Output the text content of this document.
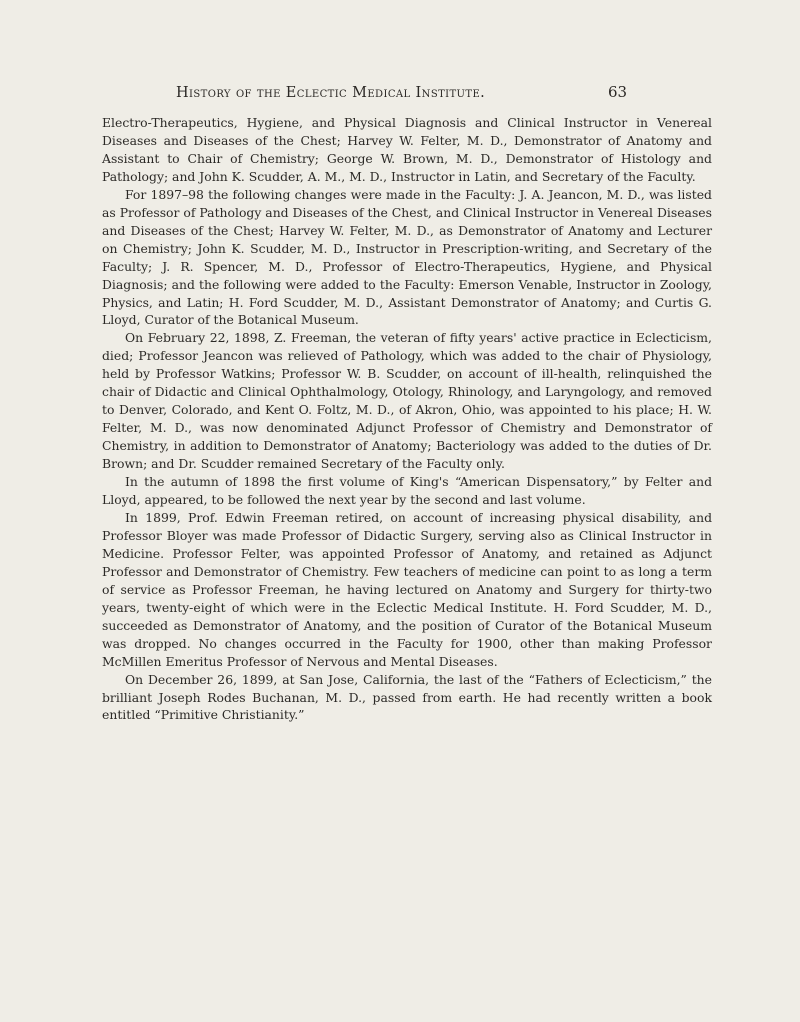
History of the Eclectic Medical Institute.	63

Electro-Therapeutics, Hygiene, and Physical Diagnosis and Clinical Instructor in Venereal Diseases and Diseases of the Chest; Harvey W. Felter, M. D., Demonstrator of Anatomy and Assistant to Chair of Chemistry; George W. Brown, M. D., Demonstrator of Histology and Pathology; and John K. Scudder, A. M., M. D., Instructor in Latin, and Secretary of the Faculty.

For 1897–98 the following changes were made in the Faculty: J. A. Jeancon, M. D., was listed as Professor of Pathology and Diseases of the Chest, and Clinical Instructor in Venereal Diseases and Diseases of the Chest; Harvey W. Felter, M. D., as Demonstrator of Anatomy and Lecturer on Chemistry; John K. Scudder, M. D., Instructor in Prescription-writing, and Secretary of the Faculty; J. R. Spencer, M. D., Professor of Electro-Therapeutics, Hygiene, and Physical Diagnosis; and the following were added to the Faculty: Emerson Venable, Instructor in Zoology, Physics, and Latin; H. Ford Scudder, M. D., Assistant Demonstrator of Anatomy; and Curtis G. Lloyd, Curator of the Botanical Museum.

On February 22, 1898, Z. Freeman, the veteran of fifty years' active practice in Eclecticism, died; Professor Jeancon was relieved of Pathology, which was added to the chair of Physiology, held by Professor Watkins; Professor W. B. Scudder, on account of ill-health, relinquished the chair of Didactic and Clinical Ophthalmology, Otology, Rhinology, and Laryngology, and removed to Denver, Colorado, and Kent O. Foltz, M. D., of Akron, Ohio, was appointed to his place; H. W. Felter, M. D., was now denominated Adjunct Professor of Chemistry and Demonstrator of Chemistry, in addition to Demonstrator of Anatomy; Bacteriology was added to the duties of Dr. Brown; and Dr. Scudder remained Secretary of the Faculty only.

In the autumn of 1898 the first volume of King's “American Dispensatory,” by Felter and Lloyd, appeared, to be followed the next year by the second and last volume.

In 1899, Prof. Edwin Freeman retired, on account of increasing physical disability, and Professor Bloyer was made Professor of Didactic Surgery, serving also as Clinical Instructor in Medicine. Professor Felter, was appointed Professor of Anatomy, and retained as Adjunct Professor and Demonstrator of Chemistry. Few teachers of medicine can point to as long a term of service as Professor Freeman, he having lectured on Anatomy and Surgery for thirty-two years, twenty-eight of which were in the Eclectic Medical Institute. H. Ford Scudder, M. D., succeeded as Demonstrator of Anatomy, and the position of Curator of the Botanical Museum was dropped. No changes occurred in the Faculty for 1900, other than making Professor McMillen Emeritus Professor of Nervous and Mental Diseases.

On December 26, 1899, at San Jose, California, the last of the “Fathers of Eclecticism,” the brilliant Joseph Rodes Buchanan, M. D., passed from earth. He had recently written a book entitled “Primitive Christianity.”
